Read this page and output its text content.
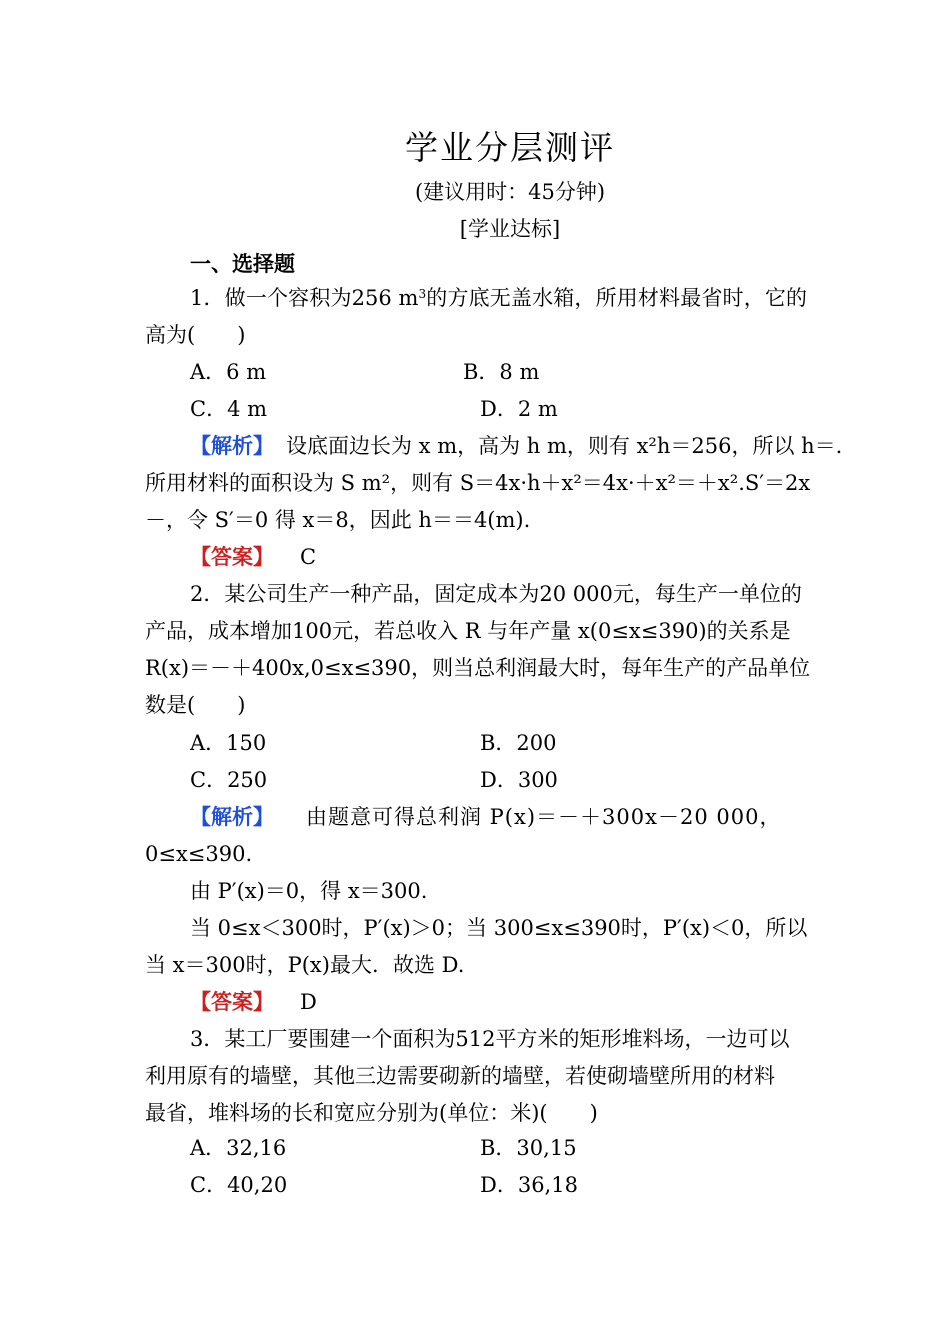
学业分层测评
(建议用时：45分钟)
[学业达标]
一、选择题
1．做一个容积为256 $m^3$的方底无盖水箱，所用材料最省时，它的
高为(　　)
A．6 m	B．8 m
C．4 m	D．2 m
【解析】 设底面边长为 x m，高为 h m，则有 x²h＝256，所以 h＝.
所用材料的面积设为 S m²，则有 S＝4x·h＋x²＝4x·＋x²＝＋x².S′＝2x
－，令 S′＝0 得 x＝8，因此 h＝＝4(m).
【答案】 C
2．某公司生产一种产品，固定成本为20 000元，每生产一单位的
产品，成本增加100元，若总收入 R 与年产量 x(0≤x≤390)的关系是
R(x)＝－＋400x,0≤x≤390，则当总利润最大时，每年生产的产品单位
数是(　　)
A．150	B．200
C．250	D．300
【解析】 由题意可得总利润 P(x)＝－＋300x－20 000，
0≤x≤390.
由 P′(x)＝0，得 x＝300.
当 0≤x＜300时，P′(x)＞0；当 300≤x≤390时，P′(x)＜0，所以
当 x＝300时，P(x)最大．故选 D.
【答案】 D
3．某工厂要围建一个面积为512平方米的矩形堆料场，一边可以
利用原有的墙壁，其他三边需要砌新的墙壁，若使砌墙壁所用的材料
最省，堆料场的长和宽应分别为(单位：米)(　　)
A．32,16	B．30,15
C．40,20	D．36,18
